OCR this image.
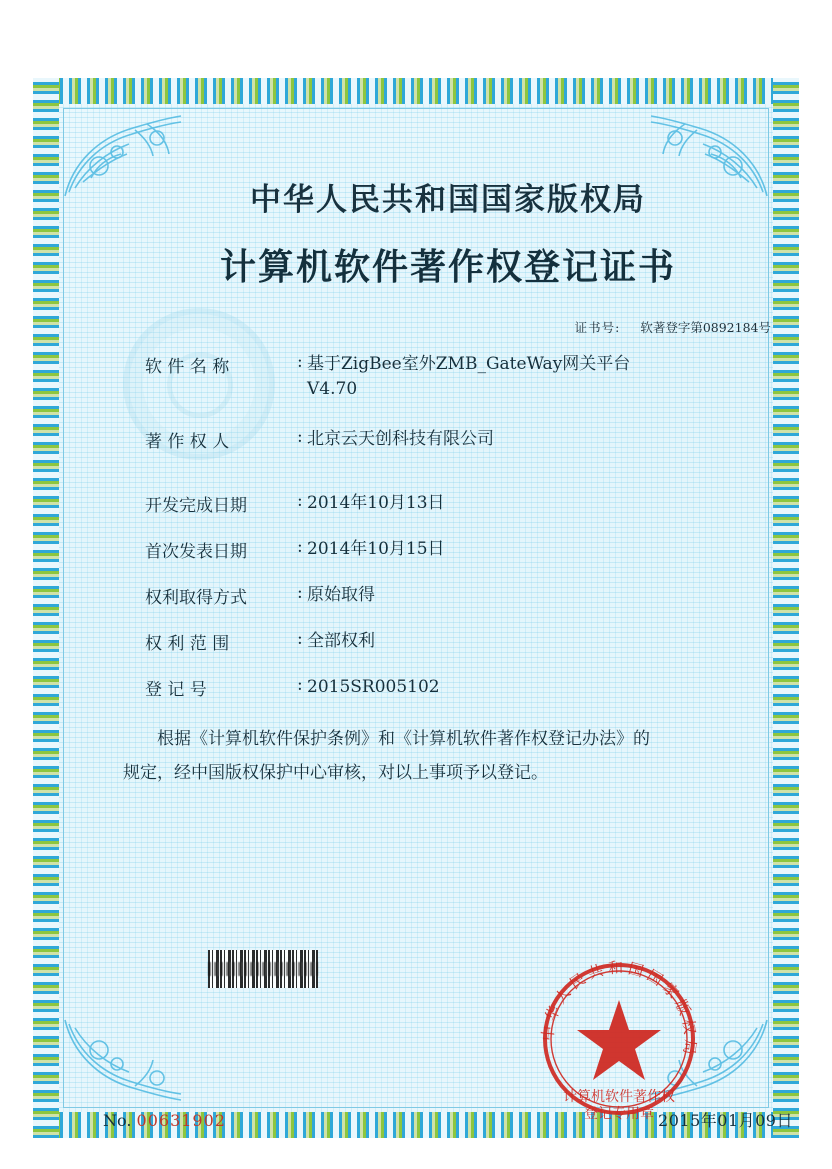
中华人民共和国国家版权局
计算机软件著作权登记证书
证书号: 软著登字第0892184号
软 件 名 称	: 基于ZigBee室外ZMB_GateWay网关平台
V4.70
著 作 权 人	: 北京云天创科技有限公司
开发完成日期	: 2014年10月13日
首次发表日期	: 2014年10月15日
权利取得方式	: 原始取得
权 利 范 围	: 全部权利
登 记 号	: 2015SR005102

根据《计算机软件保护条例》和《计算机软件著作权登记办法》的

规定，经中国版权保护中心审核，对以上事项予以登记。

中华人民共和国国家版权局
计算机软件著作权
登记专用章
No. 00631902	2015年01月09日
